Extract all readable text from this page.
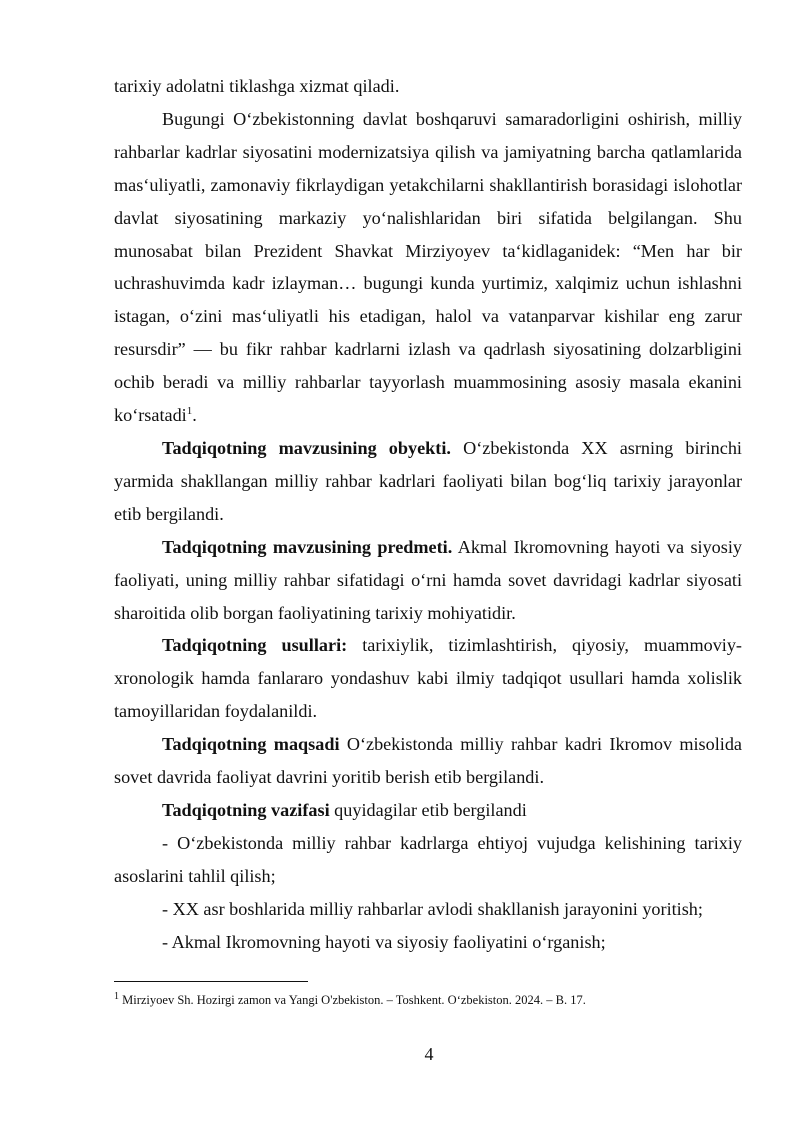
tarixiy adolatni tiklashga xizmat qiladi.

Bugungi O‘zbekistonning davlat boshqaruvi samaradorligini oshirish, milliy rahbarlar kadrlar siyosatini modernizatsiya qilish va jamiyatning barcha qatlamlarida mas‘uliyatli, zamonaviy fikrlaydigan yetakchilarni shakllantirish borasidagi islohotlar davlat siyosatining markaziy yo‘nalishlaridan biri sifatida belgilangan. Shu munosabat bilan Prezident Shavkat Mirziyoyev ta‘kidlaganidek: “Men har bir uchrashuvimda kadr izlayman… bugungi kunda yurtimiz, xalqimiz uchun ishlashni istagan, o‘zini mas‘uliyatli his etadigan, halol va vatanparvar kishilar eng zarur resursdir” — bu fikr rahbar kadrlarni izlash va qadrlash siyosatining dolzarbligini ochib beradi va milliy rahbarlar tayyorlash muammosining asosiy masala ekanini ko‘rsatadi$^1$.

Tadqiqotning mavzusining obyekti. O‘zbekistonda XX asrning birinchi yarmida shakllangan milliy rahbar kadrlari faoliyati bilan bog‘liq tarixiy jarayonlar etib bergilandi.

Tadqiqotning mavzusining predmeti. Akmal Ikromovning hayoti va siyosiy faoliyati, uning milliy rahbar sifatidagi o‘rni hamda sovet davridagi kadrlar siyosati sharoitida olib borgan faoliyatining tarixiy mohiyatidir.

Tadqiqotning usullari: tarixiylik, tizimlashtirish, qiyosiy, muammoviy-xronologik hamda fanlararo yondashuv kabi ilmiy tadqiqot usullari hamda xolislik tamoyillaridan foydalanildi.

Tadqiqotning maqsadi O‘zbekistonda milliy rahbar kadri Ikromov misolida sovet davrida faoliyat davrini yoritib berish etib bergilandi.

Tadqiqotning vazifasi quyidagilar etib bergilandi

- O‘zbekistonda milliy rahbar kadrlarga ehtiyoj vujudga kelishining tarixiy asoslarini tahlil qilish;

- XX asr boshlarida milliy rahbarlar avlodi shakllanish jarayonini yoritish;

- Akmal Ikromovning hayoti va siyosiy faoliyatini o‘rganish;

$^1$ Mirziyoev Sh. Hozirgi zamon va Yangi O'zbekiston. – Toshkent. O‘zbekiston. 2024. – B. 17.
4
